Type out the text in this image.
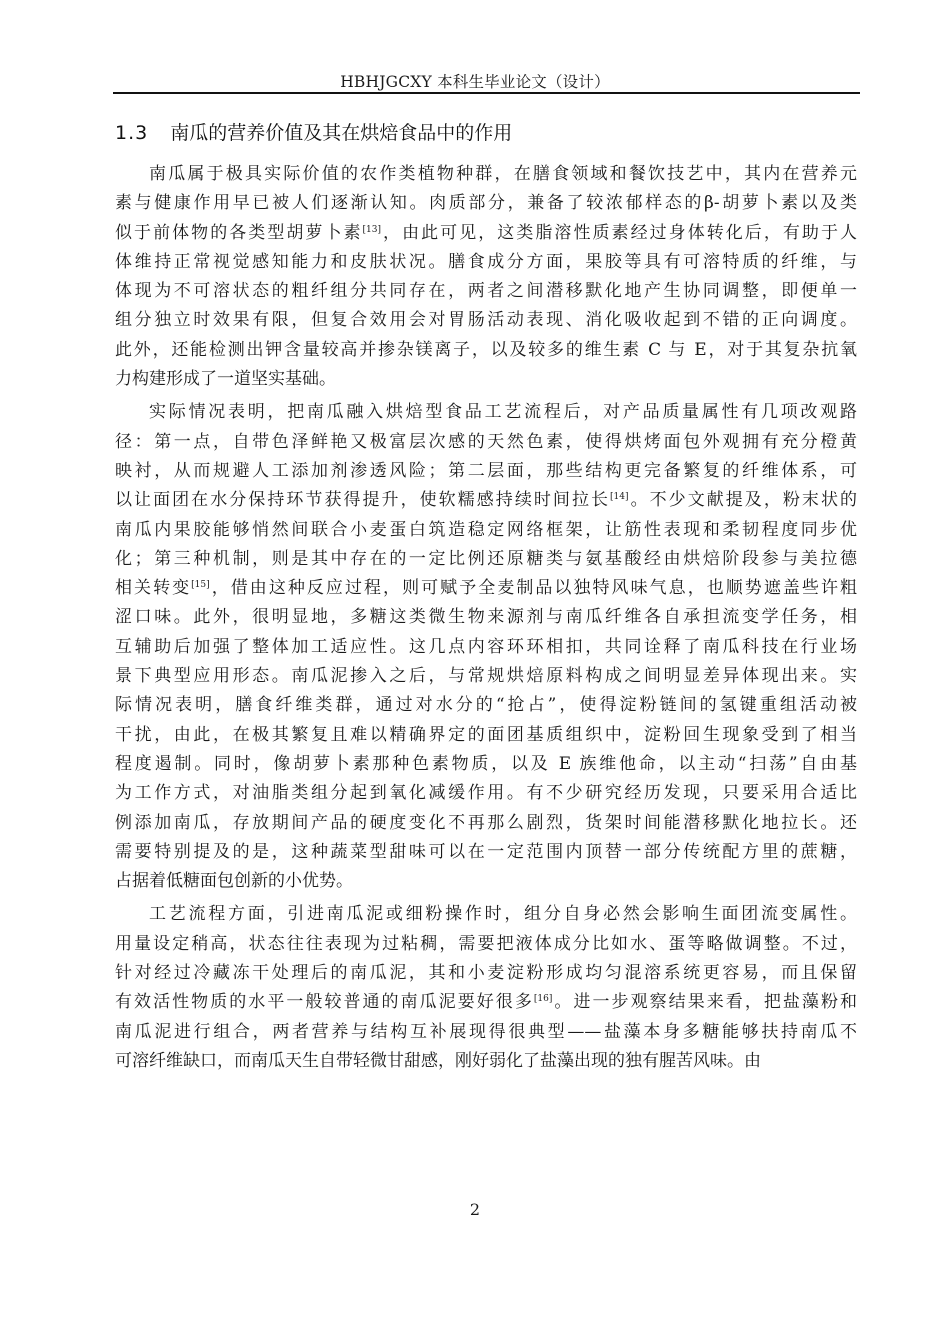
HBHJGCXY 本科生毕业论文（设计）
1.3 南瓜的营养价值及其在烘焙食品中的作用
南瓜属于极具实际价值的农作类植物种群，在膳食领域和餐饮技艺中，其内在营养元
素与健康作用早已被人们逐渐认知。肉质部分，兼备了较浓郁样态的β-胡萝卜素以及类
似于前体物的各类型胡萝卜素[13]，由此可见，这类脂溶性质素经过身体转化后，有助于人
体维持正常视觉感知能力和皮肤状况。膳食成分方面，果胶等具有可溶特质的纤维，与
体现为不可溶状态的粗纤组分共同存在，两者之间潜移默化地产生协同调整，即便单一
组分独立时效果有限，但复合效用会对胃肠活动表现、消化吸收起到不错的正向调度。
此外，还能检测出钾含量较高并掺杂镁离子，以及较多的维生素 C 与 E，对于其复杂抗氧
力构建形成了一道坚实基础。
实际情况表明，把南瓜融入烘焙型食品工艺流程后，对产品质量属性有几项改观路
径：第一点，自带色泽鲜艳又极富层次感的天然色素，使得烘烤面包外观拥有充分橙黄
映衬，从而规避人工添加剂渗透风险；第二层面，那些结构更完备繁复的纤维体系，可
以让面团在水分保持环节获得提升，使软糯感持续时间拉长[14]。不少文献提及，粉末状的
南瓜内果胶能够悄然间联合小麦蛋白筑造稳定网络框架，让筋性表现和柔韧程度同步优
化；第三种机制，则是其中存在的一定比例还原糖类与氨基酸经由烘焙阶段参与美拉德
相关转变[15]，借由这种反应过程，则可赋予全麦制品以独特风味气息，也顺势遮盖些许粗
涩口味。此外，很明显地，多糖这类微生物来源剂与南瓜纤维各自承担流变学任务，相
互辅助后加强了整体加工适应性。这几点内容环环相扣，共同诠释了南瓜科技在行业场
景下典型应用形态。南瓜泥掺入之后，与常规烘焙原料构成之间明显差异体现出来。实
际情况表明，膳食纤维类群，通过对水分的“抢占”，使得淀粉链间的氢键重组活动被
干扰，由此，在极其繁复且难以精确界定的面团基质组织中，淀粉回生现象受到了相当
程度遏制。同时，像胡萝卜素那种色素物质，以及 E 族维他命，以主动“扫荡”自由基
为工作方式，对油脂类组分起到氧化减缓作用。有不少研究经历发现，只要采用合适比
例添加南瓜，存放期间产品的硬度变化不再那么剧烈，货架时间能潜移默化地拉长。还
需要特别提及的是，这种蔬菜型甜味可以在一定范围内顶替一部分传统配方里的蔗糖，
占据着低糖面包创新的小优势。
工艺流程方面，引进南瓜泥或细粉操作时，组分自身必然会影响生面团流变属性。
用量设定稍高，状态往往表现为过粘稠，需要把液体成分比如水、蛋等略做调整。不过，
针对经过冷藏冻干处理后的南瓜泥，其和小麦淀粉形成均匀混溶系统更容易，而且保留
有效活性物质的水平一般较普通的南瓜泥要好很多[16]。进一步观察结果来看，把盐藻粉和
南瓜泥进行组合，两者营养与结构互补展现得很典型——盐藻本身多糖能够扶持南瓜不
可溶纤维缺口，而南瓜天生自带轻微甘甜感，刚好弱化了盐藻出现的独有腥苦风味。由
2
